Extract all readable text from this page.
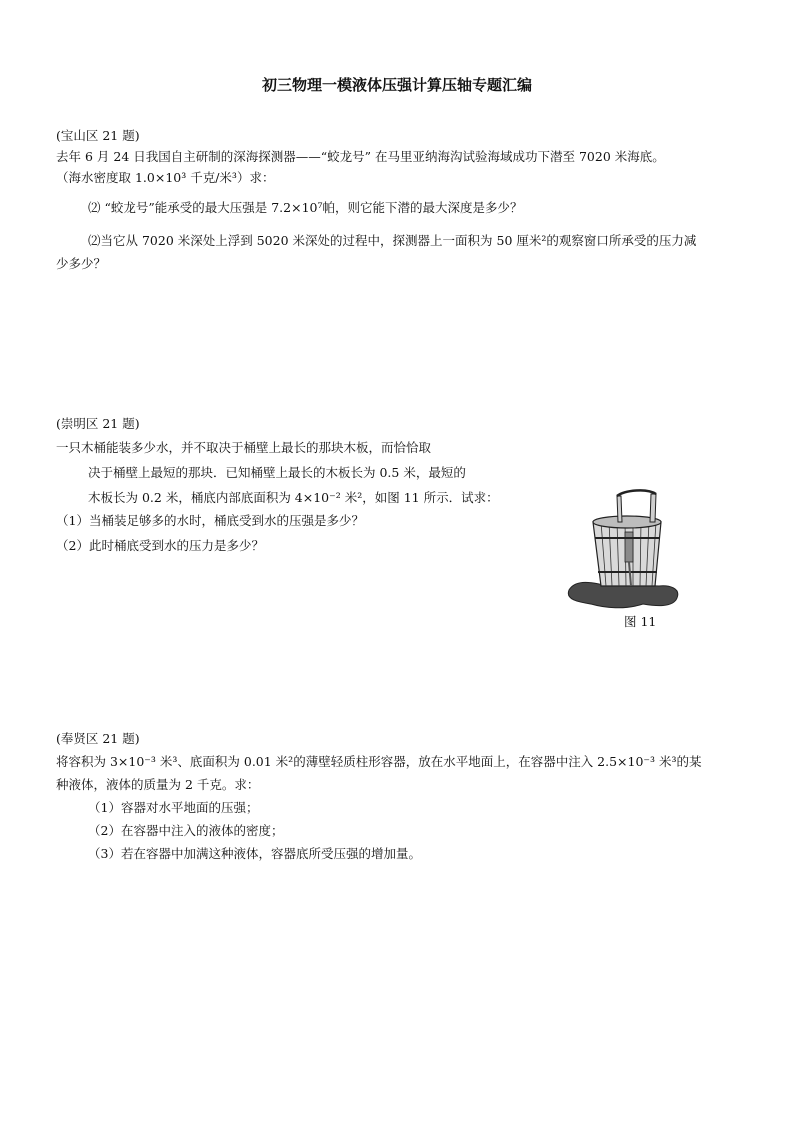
初三物理一模液体压强计算压轴专题汇编
(宝山区 21 题)
去年 6 月 24 日我国自主研制的深海探测器——“蛟龙号” 在马里亚纳海沟试验海域成功下潜至 7020 米海底。
（海水密度取 1.0×10³ 千克/米³）求：
⑵ “蛟龙号”能承受的最大压强是 7.2×10⁷帕，则它能下潜的最大深度是多少？
⑵当它从 7020 米深处上浮到 5020 米深处的过程中，探测器上一面积为 50 厘米²的观察窗口所承受的压力减
少多少？
(崇明区 21 题)
一只木桶能装多少水，并不取决于桶壁上最长的那块木板，而恰恰取
决于桶壁上最短的那块．已知桶壁上最长的木板长为 0.5 米，最短的
木板长为 0.2 米，桶底内部底面积为 4×10⁻² 米²，如图 11 所示．试求：
（1）当桶装足够多的水时，桶底受到水的压强是多少？
（2）此时桶底受到水的压力是多少？
图 11
(奉贤区 21 题)
将容积为 3×10⁻³ 米³、底面积为 0.01 米²的薄壁轻质柱形容器，放在水平地面上，在容器中注入 2.5×10⁻³ 米³的某
种液体，液体的质量为 2 千克。求：
（1）容器对水平地面的压强；
（2）在容器中注入的液体的密度；
（3）若在容器中加满这种液体，容器底所受压强的增加量。
